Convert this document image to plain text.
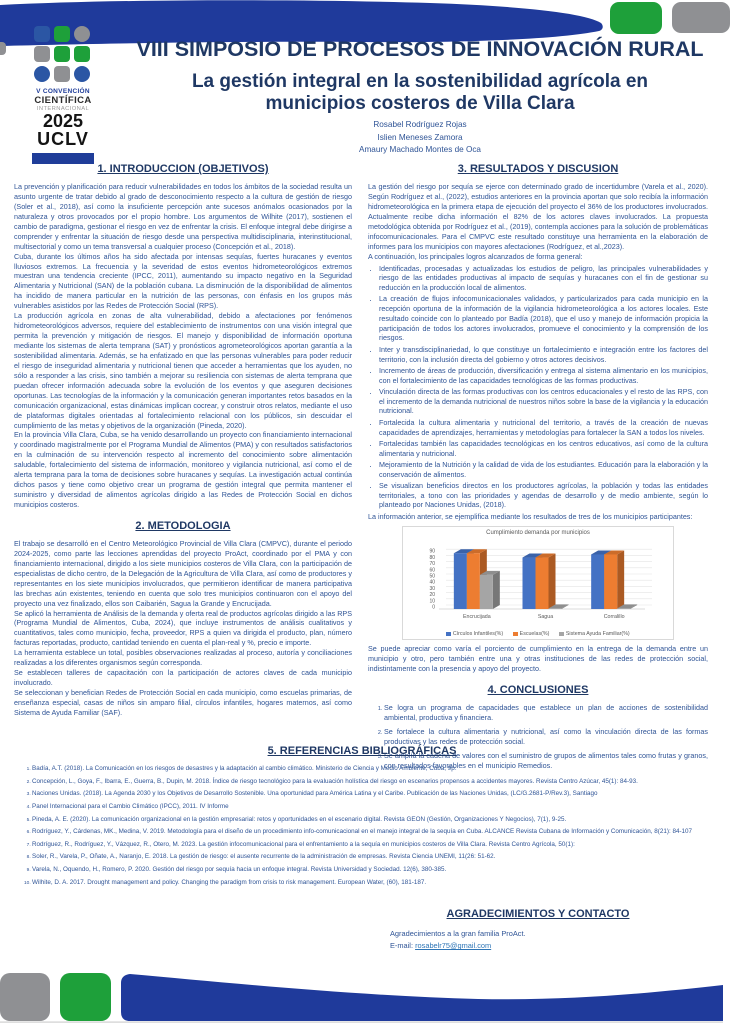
V CONVENCIÓN
CIENTÍFICA
INTERNACIONAL
2025
UCLV
VIII SIMPOSIO DE PROCESOS DE INNOVACIÓN RURAL
La gestión integral en la sostenibilidad agrícola en municipios costeros de Villa Clara
Rosabel Rodríguez Rojas
Islien Meneses Zamora
Amaury Machado Montes de Oca
1. INTRODUCCION (OBJETIVOS)

La prevención y planificación para reducir vulnerabilidades en todos los ámbitos de la sociedad resulta un asunto urgente de tratar debido al grado de desconocimiento respecto a la cultura de gestión de riesgo (Soler et al., 2018), así como la insuficiente percepción ante sucesos anómalos ocasionados por la naturaleza y otros provocados por el propio hombre. Los argumentos de Wilhite (2017), sostienen el cambio de paradigma, gestionar el riesgo en vez de enfrentar la crisis. El enfoque integral debe dirigirse a comprender y enfrentar la situación de riesgo desde una perspectiva multidisciplinaria, interinstitucional, multisectorial y como un tema transversal a cualquier proceso (Concepción et al., 2018).

Cuba, durante los últimos años ha sido afectada por intensas sequías, fuertes huracanes y eventos lluviosos extremos. La frecuencia y la severidad de estos eventos hidrometeorológicos extremos muestran una tendencia creciente (IPCC, 2011), aumentando su impacto negativo en la Seguridad Alimentaria y Nutricional (SAN) de la población cubana. La disminución de la disponibilidad de alimentos ha incidido de manera particular en la nutrición de las personas, con énfasis en los grupos más vulnerables asistidos por las Redes de Protección Social (RPS).

La producción agrícola en zonas de alta vulnerabilidad, debido a afectaciones por fenómenos hidrometeorológicos adversos, requiere del establecimiento de instrumentos con una visión integral que permita la prevención y mitigación de riesgos. El manejo y disponibilidad de información oportuna mediante los sistemas de alerta temprana (SAT) y pronósticos agrometeorológicos aportan garantía a la sostenibilidad alimentaria. Además, se ha enfatizado en que las personas vulnerables para poder reducir el riesgo de inseguridad alimentaria y nutricional tienen que acceder a herramientas que los ayuden, no sólo a responder a las crisis, sino también a mejorar su resiliencia con sistemas de alerta temprana que puedan ofrecer información adecuada sobre la evolución de los eventos y que aseguren decisiones oportunas. Las tecnologías de la información y la comunicación generan importantes retos basados en la comunicación organizacional, estas dinámicas implican cocrear, y construir otros relatos, mediante el uso de plataformas digitales orientadas al fortalecimiento relacional con los públicos, sin descuidar el cumplimiento de las metas y objetivos de la organización (Pineda, 2020).

En la provincia Villa Clara, Cuba, se ha venido desarrollando un proyecto con financiamiento internacional y coordinado magistralmente por el Programa Mundial de Alimentos (PMA) y con resultados satisfactorios en la culminación de su intervención respecto al incremento del conocimiento sobre alimentación saludable, fortalecimiento del sistema de información, monitoreo y vigilancia nutricional, así como el de alerta temprana para la toma de decisiones sobre huracanes y sequías. La investigación actual continúa dichos pasos y tiene como objetivo crear un programa de gestión integral que permita mantener el suministro y diversidad de alimentos agrícolas dirigido a las Redes de Protección Social en dichos municipios costeros.

2. METODOLOGIA

El trabajo se desarrolló en el Centro Meteorológico Provincial de Villa Clara (CMPVC), durante el periodo 2024-2025, como parte las lecciones aprendidas del proyecto ProAct, coordinado por el PMA y con financiamiento internacional, dirigido a los siete municipios costeros de Villa Clara, con la participación de especialistas de dicho centro, de la Delegación de la Agricultura de Villa Clara, así como de productores y representantes en los siete municipios involucrados, que permitieron identificar de manera participativa las brechas aún existentes, teniendo en cuenta que solo tres municipios continuaron con el apoyo del proyecto una vez finalizado, ellos son Caibarién, Sagua la Grande y Encrucijada.

Se aplicó la herramienta de Análisis de la demanda y oferta real de productos agrícolas dirigido a las RPS (Programa Mundial de Alimentos, Cuba, 2024), que incluye instrumentos de análisis cualitativos y cuantitativos, tales como municipio, fecha, proveedor, RPS a quien va dirigida el producto, plan, número facturas reportadas, producto, cantidad teniendo en cuenta el plan-real y %, precio e importe.

La herramienta establece un total, posibles observaciones realizadas al proceso, autoría y conciliaciones realizadas a los diferentes organismos según corresponda.

Se establecen talleres de capacitación con la participación de actores claves de cada municipio involucrado.

Se seleccionan y benefician Redes de Protección Social en cada municipio, como escuelas primarias, de enseñanza especial, casas de niños sin amparo filial, círculos infantiles, hogares maternos, así como Sistema de Ayuda Familiar (SAF).

3. RESULTADOS Y DISCUSION

La gestión del riesgo por sequía se ejerce con determinado grado de incertidumbre (Varela et al., 2020). Según Rodríguez et al., (2022), estudios anteriores en la provincia aportan que solo recibía la información hidrometeorológica en la primera etapa de ejecución del proyecto el 36% de los productores involucrados. Actualmente recibe dicha información el 82% de los actores claves involucrados. La propuesta metodológica obtenida por Rodríguez et al., (2019), contempla acciones para la solución de problemáticas infocomunicacionales. Para el CMPVC este resultado constituye una herramienta en la elaboración de informes para los municipios con mayores afectaciones (Rodríguez, et al.,2023).

A continuación, los principales logros alcanzados de forma general:

• Identificadas, procesadas y actualizadas los estudios de peligro, las principales vulnerabilidades y riesgo de las entidades productivas al impacto de sequías y huracanes con el fin de gestionar su reducción en la producción local de alimentos.
• La creación de flujos infocomunicacionales validados, y particularizados para cada municipio en la recepción oportuna de la información de la vigilancia hidrometeorológica a los actores locales. Este resultado coincide con lo planteado por Badía (2018), que el uso y manejo de información propicia la participación de todos los actores involucrados, promueve el conocimiento y la comprensión de los riesgos.
• Inter y transdisciplinariedad, lo que constituye un fortalecimiento e integración entre los factores del territorio, con la inclusión directa del gobierno y otros actores decisivos.
• Incremento de áreas de producción, diversificación y entrega al sistema alimentario en los municipios, con el fortalecimiento de las capacidades tecnológicas de las formas productivas.
• Vinculación directa de las formas productivas con los centros educacionales y el resto de las RPS, con el incremento de la demanda nutricional de nuestros niños sobre la base de la vigilancia y la educación nutricional.
• Fortalecida la cultura alimentaria y nutricional del territorio, a través de la creación de nuevas capacidades de aprendizajes, herramientas y metodologías para fortalecer la SAN a todos los niveles.
• Fortalecidas también las capacidades tecnológicas en los centros educativos, así como de la cultura alimentaria y nutricional.
• Mejoramiento de la Nutrición y la calidad de vida de los estudiantes. Educación para la elaboración y la conservación de alimentos.
• Se visualizan beneficios directos en los productores agrícolas, la población y todas las entidades territoriales, a tono con las prioridades y agendas de desarrollo y de medio ambiente, según lo planteado por Naciones Unidas, (2018).

La información anterior, se ejemplifica mediante los resultados de tres de los municipios participantes:

Cumplimiento demanda por municipios
0
10
20
30
40
50
60
70
80
90
Encrucijada	Sagua	Corralillo
Círculos Infantiles(%)	Escuelas(%)	Sistema Ayuda Familiar(%)

Se puede apreciar como varía el porciento de cumplimiento en la entrega de la demanda entre un municipio y otro, pero también entre una y otras instituciones de las redes de protección social, indistintamente con la presencia y apoyo del proyecto.

4. CONCLUSIONES
1. Se logra un programa de capacidades que establece un plan de acciones de sostenibilidad ambiental, productiva y financiera.
2. Se fortalece la cultura alimentaria y nutricional, así como la vinculación directa de las formas productivas y las redes de protección social.
3. Se amplía la cadena de valores con el suministro de grupos de alimentos tales como frutas y granos, con resultados favorables en el municipio Remedios.
5. REFERENCIAS BIBLIOGRÁFICAS
1. Badía, A.T. (2018). La Comunicación en los riesgos de desastres y la adaptación al cambio climático. Ministerio de Ciencia y Medio Ambiente, Cuba, 9p.
2. Concepción, L., Goya, F., Ibarra, E., Guerra, B., Dupin, M. 2018. Índice de riesgo tecnológico para la evaluación holística del riesgo en escenarios propensos a accidentes mayores. Revista Centro Azúcar, 45(1): 84-93.
3. Naciones Unidas. (2018). La Agenda 2030 y los Objetivos de Desarrollo Sostenible. Una oportunidad para América Latina y el Caribe. Publicación de las Naciones Unidas, (LC/G.2681-P/Rev.3), Santiago
4. Panel Internacional para el Cambio Climático (IPCC), 2011. IV Informe
5. Pineda, A. E. (2020). La comunicación organizacional en la gestión empresarial: retos y oportunidades en el escenario digital. Revista GEON (Gestión, Organizaciones Y Negocios), 7(1), 9-25.
6. Rodríguez, Y., Cárdenas, MK., Medina, V. 2019. Metodología para el diseño de un procedimiento info-comunicacional en el manejo integral de la sequía en Cuba. ALCANCE Revista Cubana de Información y Comunicación, 8(21): 84-107
7. Rodríguez, R., Rodríguez, Y., Vázquez, R., Otero, M. 2023. La gestión infocomunicacional para el enfrentamiento a la sequía en municipios costeros de Villa Clara. Revista Centro Agrícola, 50(1):
8. Soler, R., Varela, P., Oñate, A., Naranjo, E. 2018. La gestión de riesgo: el ausente recurrente de la administración de empresas. Revista Ciencia UNEMI, 11(26: 51-62.
9. Varela, N., Oquendo, H., Romero, P. 2020. Gestión del riesgo por sequía hacia un enfoque integral. Revista Universidad y Sociedad. 12(6), 380-385.
10. Wilhite, D. A. 2017. Drought management and policy. Changing the paradigm from crisis to risk management. European Water, (60), 181-187.
AGRADECIMIENTOS Y CONTACTO

Agradecimientos a la gran familia ProAct.

E-mail: rosabelr75@gmail.com
